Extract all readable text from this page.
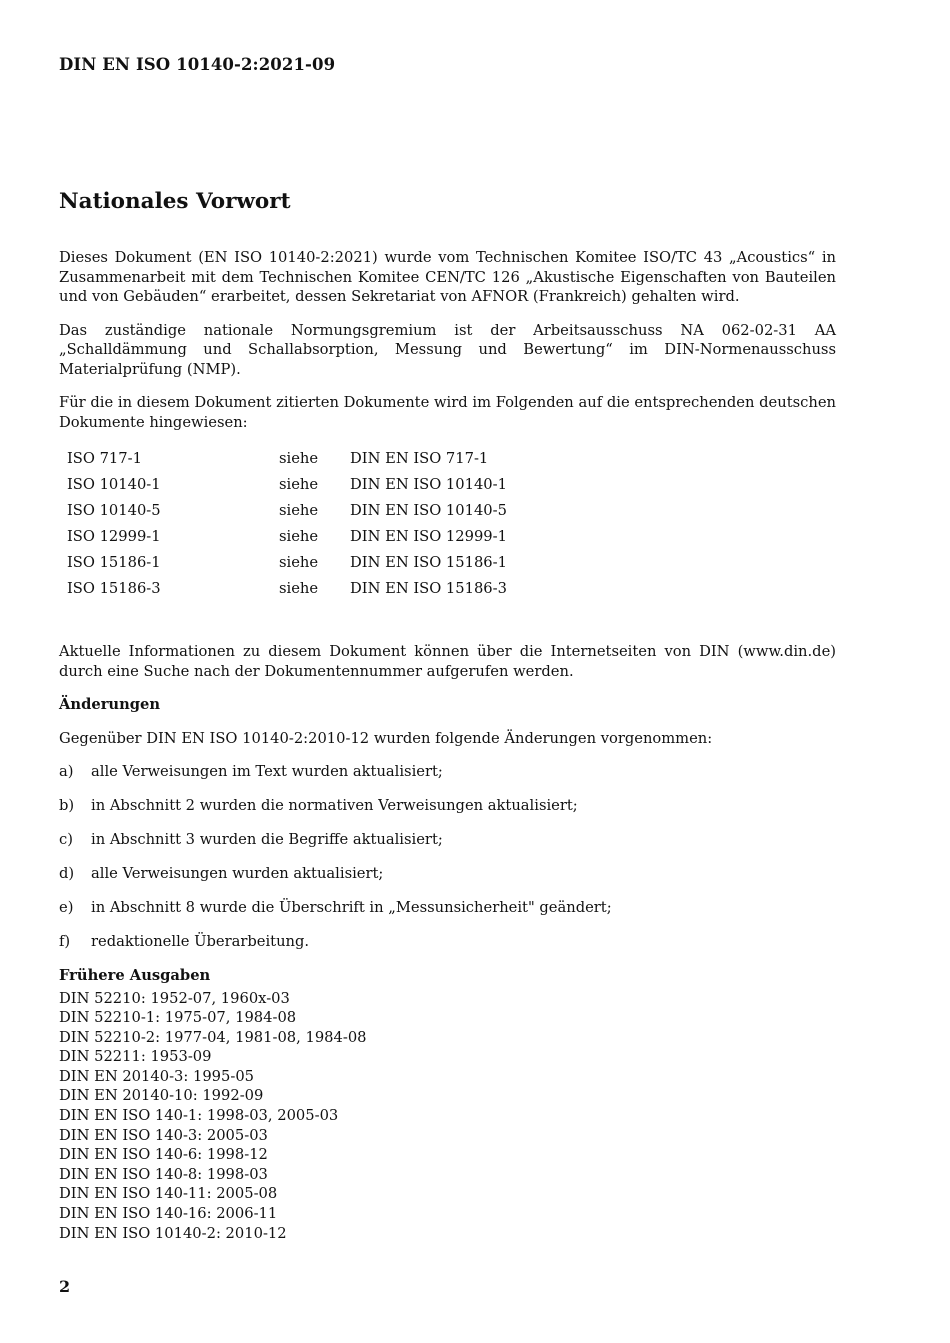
DIN EN ISO 10140-2:2021-09
Nationales Vorwort

Dieses Dokument (EN ISO 10140-2:2021) wurde vom Technischen Komitee ISO/TC 43 „Acoustics“ in Zusammenarbeit mit dem Technischen Komitee CEN/TC 126 „Akustische Eigenschaften von Bauteilen und von Gebäuden“ erarbeitet, dessen Sekretariat von AFNOR (Frankreich) gehalten wird.

Das zuständige nationale Normungsgremium ist der Arbeitsausschuss NA 062-02-31 AA „Schalldämmung und Schallabsorption, Messung und Bewertung“ im DIN-Normenausschuss Materialprüfung (NMP).

Für die in diesem Dokument zitierten Dokumente wird im Folgenden auf die entsprechenden deutschen Dokumente hingewiesen:

ISO 717-1	siehe	DIN EN ISO 717-1
ISO 10140-1	siehe	DIN EN ISO 10140-1
ISO 10140-5	siehe	DIN EN ISO 10140-5
ISO 12999-1	siehe	DIN EN ISO 12999-1
ISO 15186-1	siehe	DIN EN ISO 15186-1
ISO 15186-3	siehe	DIN EN ISO 15186-3

Aktuelle Informationen zu diesem Dokument können über die Internetseiten von DIN (www.din.de) durch eine Suche nach der Dokumentennummer aufgerufen werden.

Änderungen

Gegenüber DIN EN ISO 10140-2:2010-12 wurden folgende Änderungen vorgenommen:

a)	alle Verweisungen im Text wurden aktualisiert;
b)	in Abschnitt 2 wurden die normativen Verweisungen aktualisiert;
c)	in Abschnitt 3 wurden die Begriffe aktualisiert;
d)	alle Verweisungen wurden aktualisiert;
e)	in Abschnitt 8 wurde die Überschrift in „Messunsicherheit" geändert;
f)	redaktionelle Überarbeitung.
Frühere Ausgaben
DIN 52210: 1952-07, 1960x-03
DIN 52210-1: 1975-07, 1984-08
DIN 52210-2: 1977-04, 1981-08, 1984-08
DIN 52211: 1953-09
DIN EN 20140-3: 1995-05
DIN EN 20140-10: 1992-09
DIN EN ISO 140-1: 1998-03, 2005-03
DIN EN ISO 140-3: 2005-03
DIN EN ISO 140-6: 1998-12
DIN EN ISO 140-8: 1998-03
DIN EN ISO 140-11: 2005-08
DIN EN ISO 140-16: 2006-11
DIN EN ISO 10140-2: 2010-12
2
